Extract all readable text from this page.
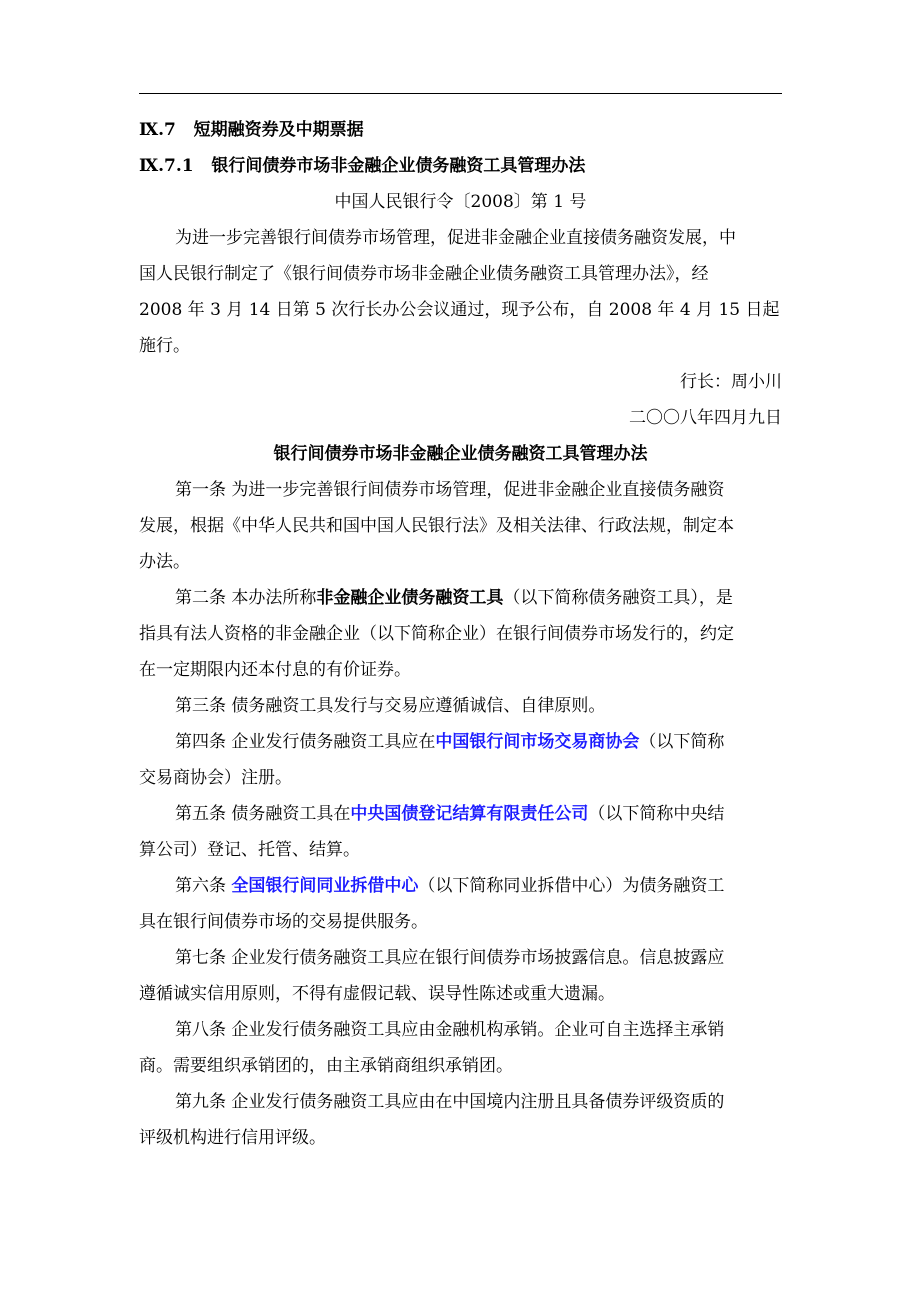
Ⅸ.7 短期融资券及中期票据
Ⅸ.7.1 银行间债券市场非金融企业债务融资工具管理办法
中国人民银行令〔2008〕第 1 号
为进一步完善银行间债券市场管理，促进非金融企业直接债务融资发展，中
国人民银行制定了《银行间债券市场非金融企业债务融资工具管理办法》，经
2008 年 3 月 14 日第 5 次行长办公会议通过，现予公布，自 2008 年 4 月 15 日起
施行。
行长：周小川
二〇〇八年四月九日
银行间债券市场非金融企业债务融资工具管理办法
第一条 为进一步完善银行间债券市场管理，促进非金融企业直接债务融资
发展，根据《中华人民共和国中国人民银行法》及相关法律、行政法规，制定本
办法。
第二条 本办法所称非金融企业债务融资工具（以下简称债务融资工具），是
指具有法人资格的非金融企业（以下简称企业）在银行间债券市场发行的，约定
在一定期限内还本付息的有价证券。
第三条 债务融资工具发行与交易应遵循诚信、自律原则。
第四条 企业发行债务融资工具应在中国银行间市场交易商协会（以下简称
交易商协会）注册。
第五条 债务融资工具在中央国债登记结算有限责任公司（以下简称中央结
算公司）登记、托管、结算。
第六条 全国银行间同业拆借中心（以下简称同业拆借中心）为债务融资工
具在银行间债券市场的交易提供服务。
第七条 企业发行债务融资工具应在银行间债券市场披露信息。信息披露应
遵循诚实信用原则，不得有虚假记载、误导性陈述或重大遗漏。
第八条 企业发行债务融资工具应由金融机构承销。企业可自主选择主承销
商。需要组织承销团的，由主承销商组织承销团。
第九条 企业发行债务融资工具应由在中国境内注册且具备债券评级资质的
评级机构进行信用评级。
